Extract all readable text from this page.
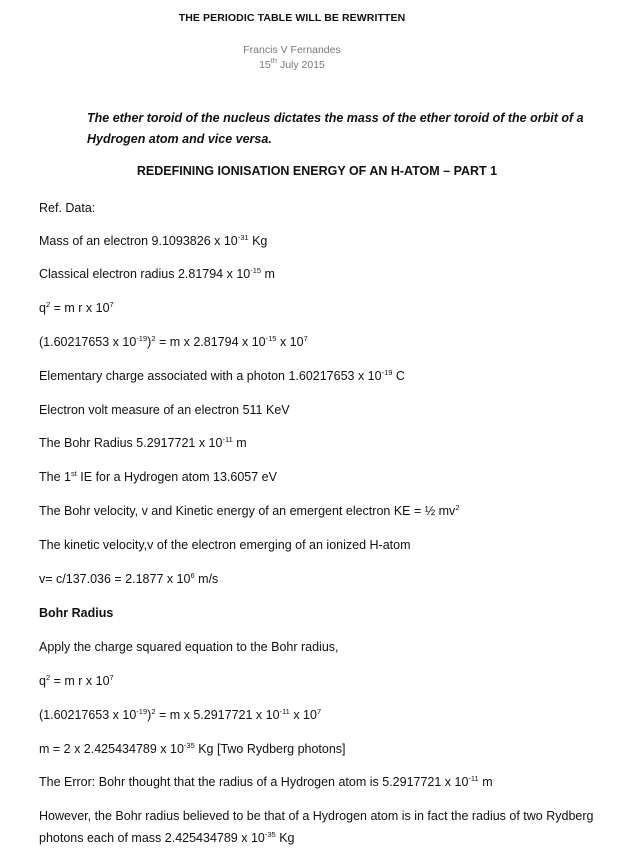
THE PERIODIC TABLE WILL BE REWRITTEN
Francis V Fernandes
15th July 2015
The ether toroid of the nucleus dictates the mass of the ether toroid of the orbit of a Hydrogen atom and vice versa.
REDEFINING IONISATION ENERGY OF AN H-ATOM – PART 1
Ref. Data:
Mass of an electron 9.1093826 x $10^{-31}$ Kg
Classical electron radius 2.81794 x $10^{-15}$ m
$q^2 = m$ r x $10^7$
(1.60217653 x $10^{-19})^2 = m$ x 2.81794 x $10^{-15}$ x $10^7$
Elementary charge associated with a photon 1.60217653 x $10^{-19}$ C
Electron volt measure of an electron 511 KeV
The Bohr Radius 5.2917721 x $10^{-11}$ m
The 1st IE for a Hydrogen atom 13.6057 eV
The Bohr velocity, v and Kinetic energy of an emergent electron KE = ½ $mv^2$
The kinetic velocity,v of the electron emerging of an ionized H-atom
v= c/137.036 = 2.1877 x $10^6$ m/s
Bohr Radius
Apply the charge squared equation to the Bohr radius,
$q^2 = m$ r x $10^7$
(1.60217653 x $10^{-19})^2 = m$ x 5.2917721 x $10^{-11}$ x $10^7$
m = 2 x 2.425434789 x $10^{-35}$ Kg [Two Rydberg photons]
The Error: Bohr thought that the radius of a Hydrogen atom is 5.2917721 x $10^{-11}$ m
However, the Bohr radius believed to be that of a Hydrogen atom is in fact the radius of two Rydberg photons each of mass 2.425434789 x $10^{-35}$ Kg
